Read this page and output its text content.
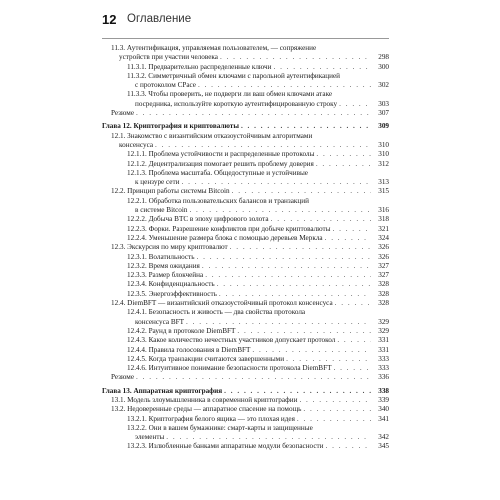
12 Оглавление
11.3. Аутентификация, управляемая пользователем, — сопряжение
устройств при участии человека . . .	298
11.3.1. Предварительно распределенные ключи . . .	300
11.3.2. Симметричный обмен ключами с парольной аутентификацией
с протоколом CPace . . .	302
11.3.3. Чтобы проверить, не подверги ли ваш обмен ключами атаке
посредника, используйте короткую аутентифицированную строку . . .	303
Резюме . . .	307
Глава 12. Криптография и криптовалюты . . .	309
12.1. Знакомство с византийским отказоустойчивым алгоритмами
консенсуса . . .	310
12.1.1. Проблема устойчивости и распределенные протоколы . . .	310
12.1.2. Децентрализация помогает решить проблему доверия . . .	312
12.1.3. Проблема масштаба. Общедоступные и устойчивые
к цензуре сети . . .	313
12.2. Принцип работы системы Bitcoin . . .	315
12.2.1. Обработка пользовательских балансов и транзакций
в системе Bitcoin . . .	316
12.2.2. Добыча BTC в эпоху цифрового золота . . .	318
12.2.3. Форки. Разрешение конфликтов при добыче криптовалюты . . .	321
12.2.4. Уменьшение размера блока с помощью деревьев Меркла . . .	324
12.3. Экскурсия по миру криптовалют . . .	326
12.3.1. Волатильность . . .	326
12.3.2. Время ожидания . . .	327
12.3.3. Размер блокчейна . . .	327
12.3.4. Конфиденциальность . . .	328
12.3.5. Энергоэффективность . . .	328
12.4. DiemBFT — византийский отказоустойчивый протокол консенсуса . . .	328
12.4.1. Безопасность и живость — два свойства протокола
консенсуса BFT . . .	329
12.4.2. Раунд в протоколе DiemBFT . . .	329
12.4.3. Какое количество нечестных участников допускает протокол . . .	331
12.4.4. Правила голосования в DiemBFT . . .	331
12.4.5. Когда транзакции считаются завершенными . . .	333
12.4.6. Интуитивное понимание безопасности протокола DiemBFT . . .	333
Резюме . . .	336
Глава 13. Аппаратная криптография . . .	338
13.1. Модель злоумышленника в современной криптографии . . .	339
13.2. Недоверенные среды — аппаратное спасение на помощь . . .	340
13.2.1. Криптография белого ящика — это плохая идея . . .	341
13.2.2. Они в вашем бумажнике: смарт-карты и защищенные
элементы . . .	342
13.2.3. Излюбленные банками аппаратные модули безопасности . . .	345
